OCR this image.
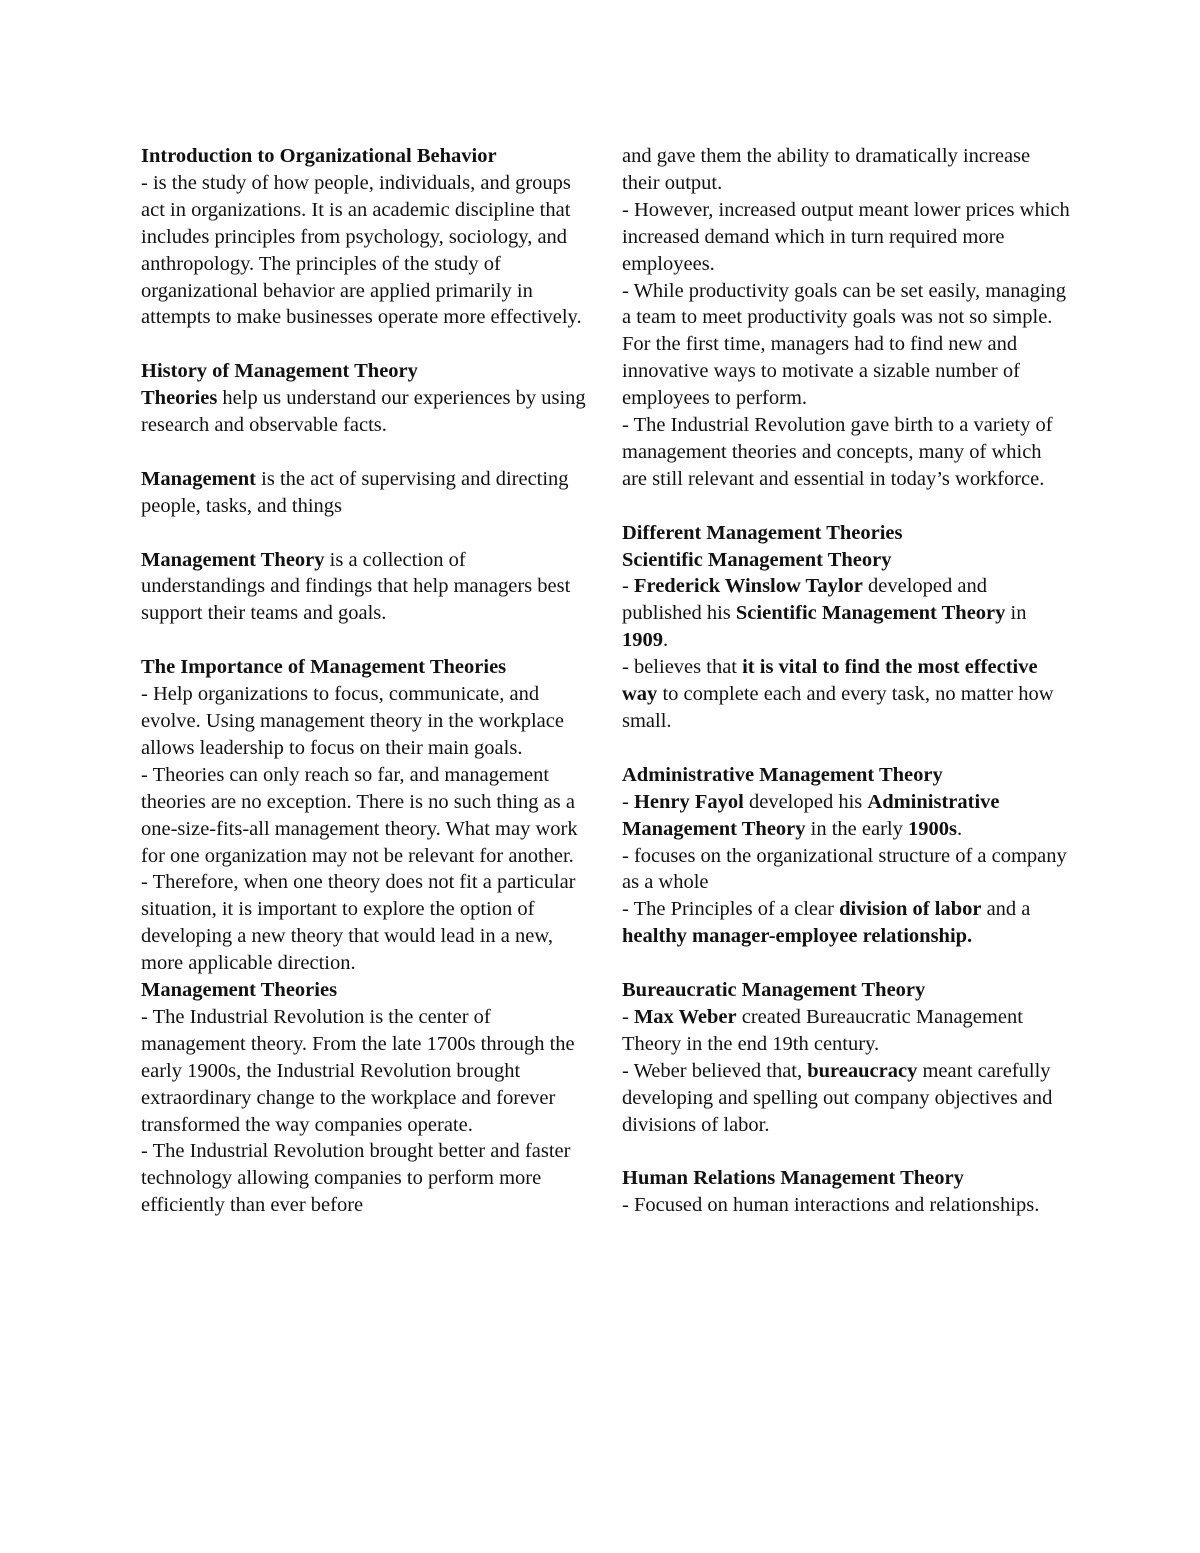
Introduction to Organizational Behavior

- is the study of how people, individuals, and groups act in organizations. It is an academic discipline that includes principles from psychology, sociology, and anthropology. The principles of the study of organizational behavior are applied primarily in attempts to make businesses operate more effectively.

History of Management Theory

Theories help us understand our experiences by using research and observable facts.

Management is the act of supervising and directing people, tasks, and things

Management Theory is a collection of understandings and findings that help managers best support their teams and goals.

The Importance of Management Theories

- Help organizations to focus, communicate, and evolve. Using management theory in the workplace allows leadership to focus on their main goals.

- Theories can only reach so far, and management theories are no exception. There is no such thing as a one-size-fits-all management theory. What may work for one organization may not be relevant for another.

- Therefore, when one theory does not fit a particular situation, it is important to explore the option of developing a new theory that would lead in a new, more applicable direction.

Management Theories

- The Industrial Revolution is the center of management theory. From the late 1700s through the early 1900s, the Industrial Revolution brought extraordinary change to the workplace and forever transformed the way companies operate.

- The Industrial Revolution brought better and faster technology allowing companies to perform more efficiently than ever before

and gave them the ability to dramatically increase their output.

- However, increased output meant lower prices which increased demand which in turn required more employees.

- While productivity goals can be set easily, managing a team to meet productivity goals was not so simple. For the first time, managers had to find new and innovative ways to motivate a sizable number of employees to perform.

- The Industrial Revolution gave birth to a variety of management theories and concepts, many of which are still relevant and essential in today’s workforce.

Different Management Theories

Scientific Management Theory

- Frederick Winslow Taylor developed and published his Scientific Management Theory in 1909.

- believes that it is vital to find the most effective way to complete each and every task, no matter how small.

Administrative Management Theory

- Henry Fayol developed his Administrative Management Theory in the early 1900s.

- focuses on the organizational structure of a company as a whole

- The Principles of a clear division of labor and a healthy manager-employee relationship.

Bureaucratic Management Theory

- Max Weber created Bureaucratic Management Theory in the end 19th century.

- Weber believed that, bureaucracy meant carefully developing and spelling out company objectives and divisions of labor.

Human Relations Management Theory

- Focused on human interactions and relationships.
